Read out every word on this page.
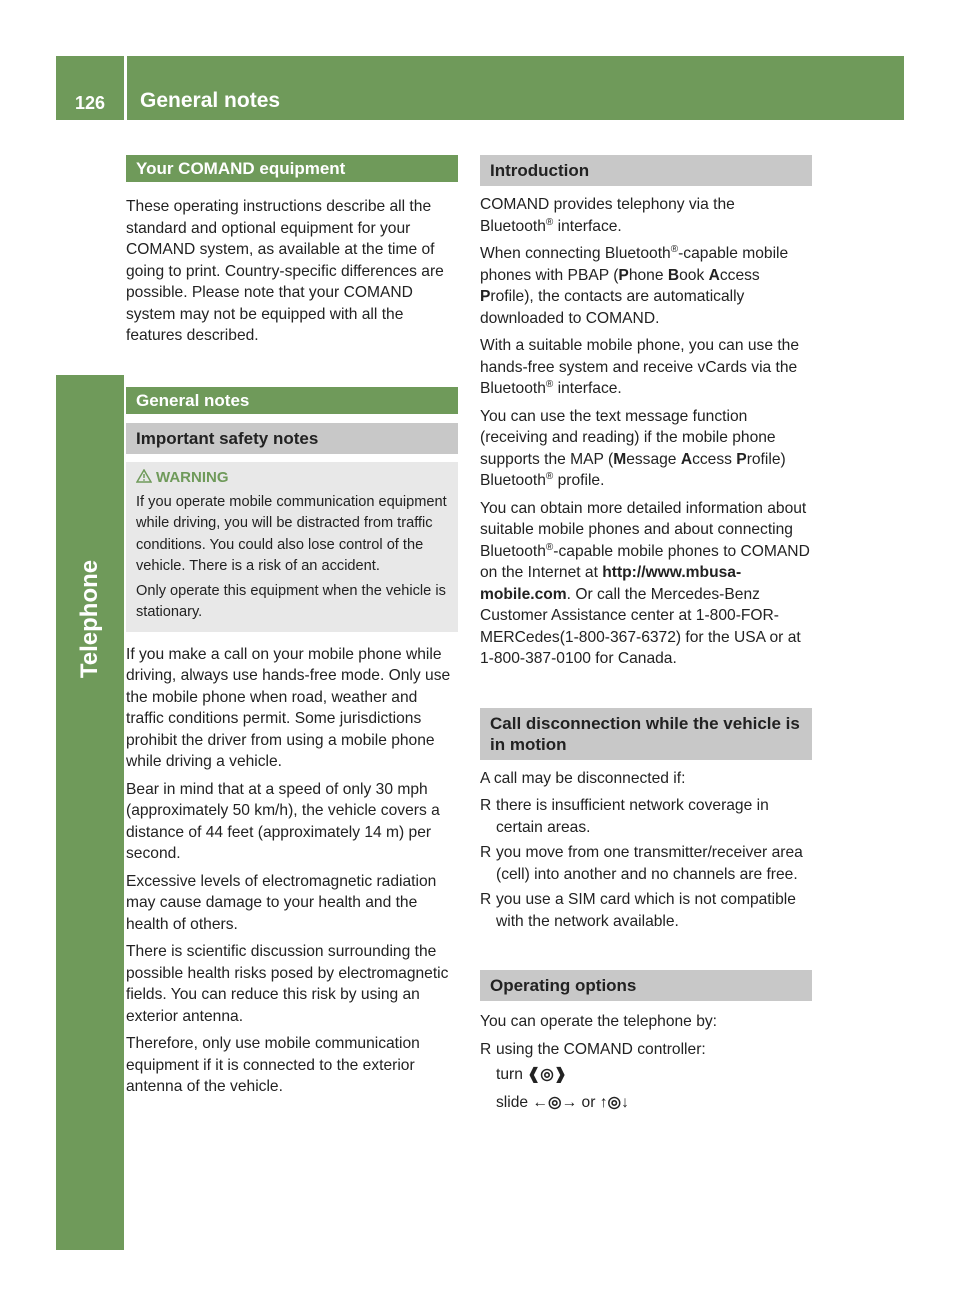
126	General notes
Telephone
Your COMAND equipment

These operating instructions describe all the standard and optional equipment for your COMAND system, as available at the time of going to print. Country-specific differences are possible. Please note that your COMAND system may not be equipped with all the features described.

General notes
Important safety notes
WARNING

If you operate mobile communication equipment while driving, you will be distracted from traffic conditions. You could also lose control of the vehicle. There is a risk of an accident.

Only operate this equipment when the vehicle is stationary.

If you make a call on your mobile phone while driving, always use hands-free mode. Only use the mobile phone when road, weather and traffic conditions permit. Some jurisdictions prohibit the driver from using a mobile phone while driving a vehicle.

Bear in mind that at a speed of only 30 mph (approximately 50 km/h), the vehicle covers a distance of 44 feet (approximately 14 m) per second.

Excessive levels of electromagnetic radiation may cause damage to your health and the health of others.

There is scientific discussion surrounding the possible health risks posed by electromagnetic fields. You can reduce this risk by using an exterior antenna.

Therefore, only use mobile communication equipment if it is connected to the exterior antenna of the vehicle.

Introduction

COMAND provides telephony via the Bluetooth® interface.

When connecting Bluetooth®-capable mobile phones with PBAP (Phone Book Access Profile), the contacts are automatically downloaded to COMAND.

With a suitable mobile phone, you can use the hands-free system and receive vCards via the Bluetooth® interface.

You can use the text message function (receiving and reading) if the mobile phone supports the MAP (Message Access Profile) Bluetooth® profile.

You can obtain more detailed information about suitable mobile phones and about connecting Bluetooth®-capable mobile phones to COMAND on the Internet at http://www.mbusa-mobile.com. Or call the Mercedes-Benz Customer Assistance center at 1-800-FOR-MERCedes(1-800-367-6372) for the USA or at 1-800-387-0100 for Canada.

Call disconnection while the vehicle is in motion

A call may be disconnected if:

R there is insufficient network coverage in certain areas.
R you move from one transmitter/receiver area (cell) into another and no channels are free.
R you use a SIM card which is not compatible with the network available.
Operating options

You can operate the telephone by:

R using the COMAND controller:

turn ❰◎❱

slide ←◎→ or ↑◎↓
